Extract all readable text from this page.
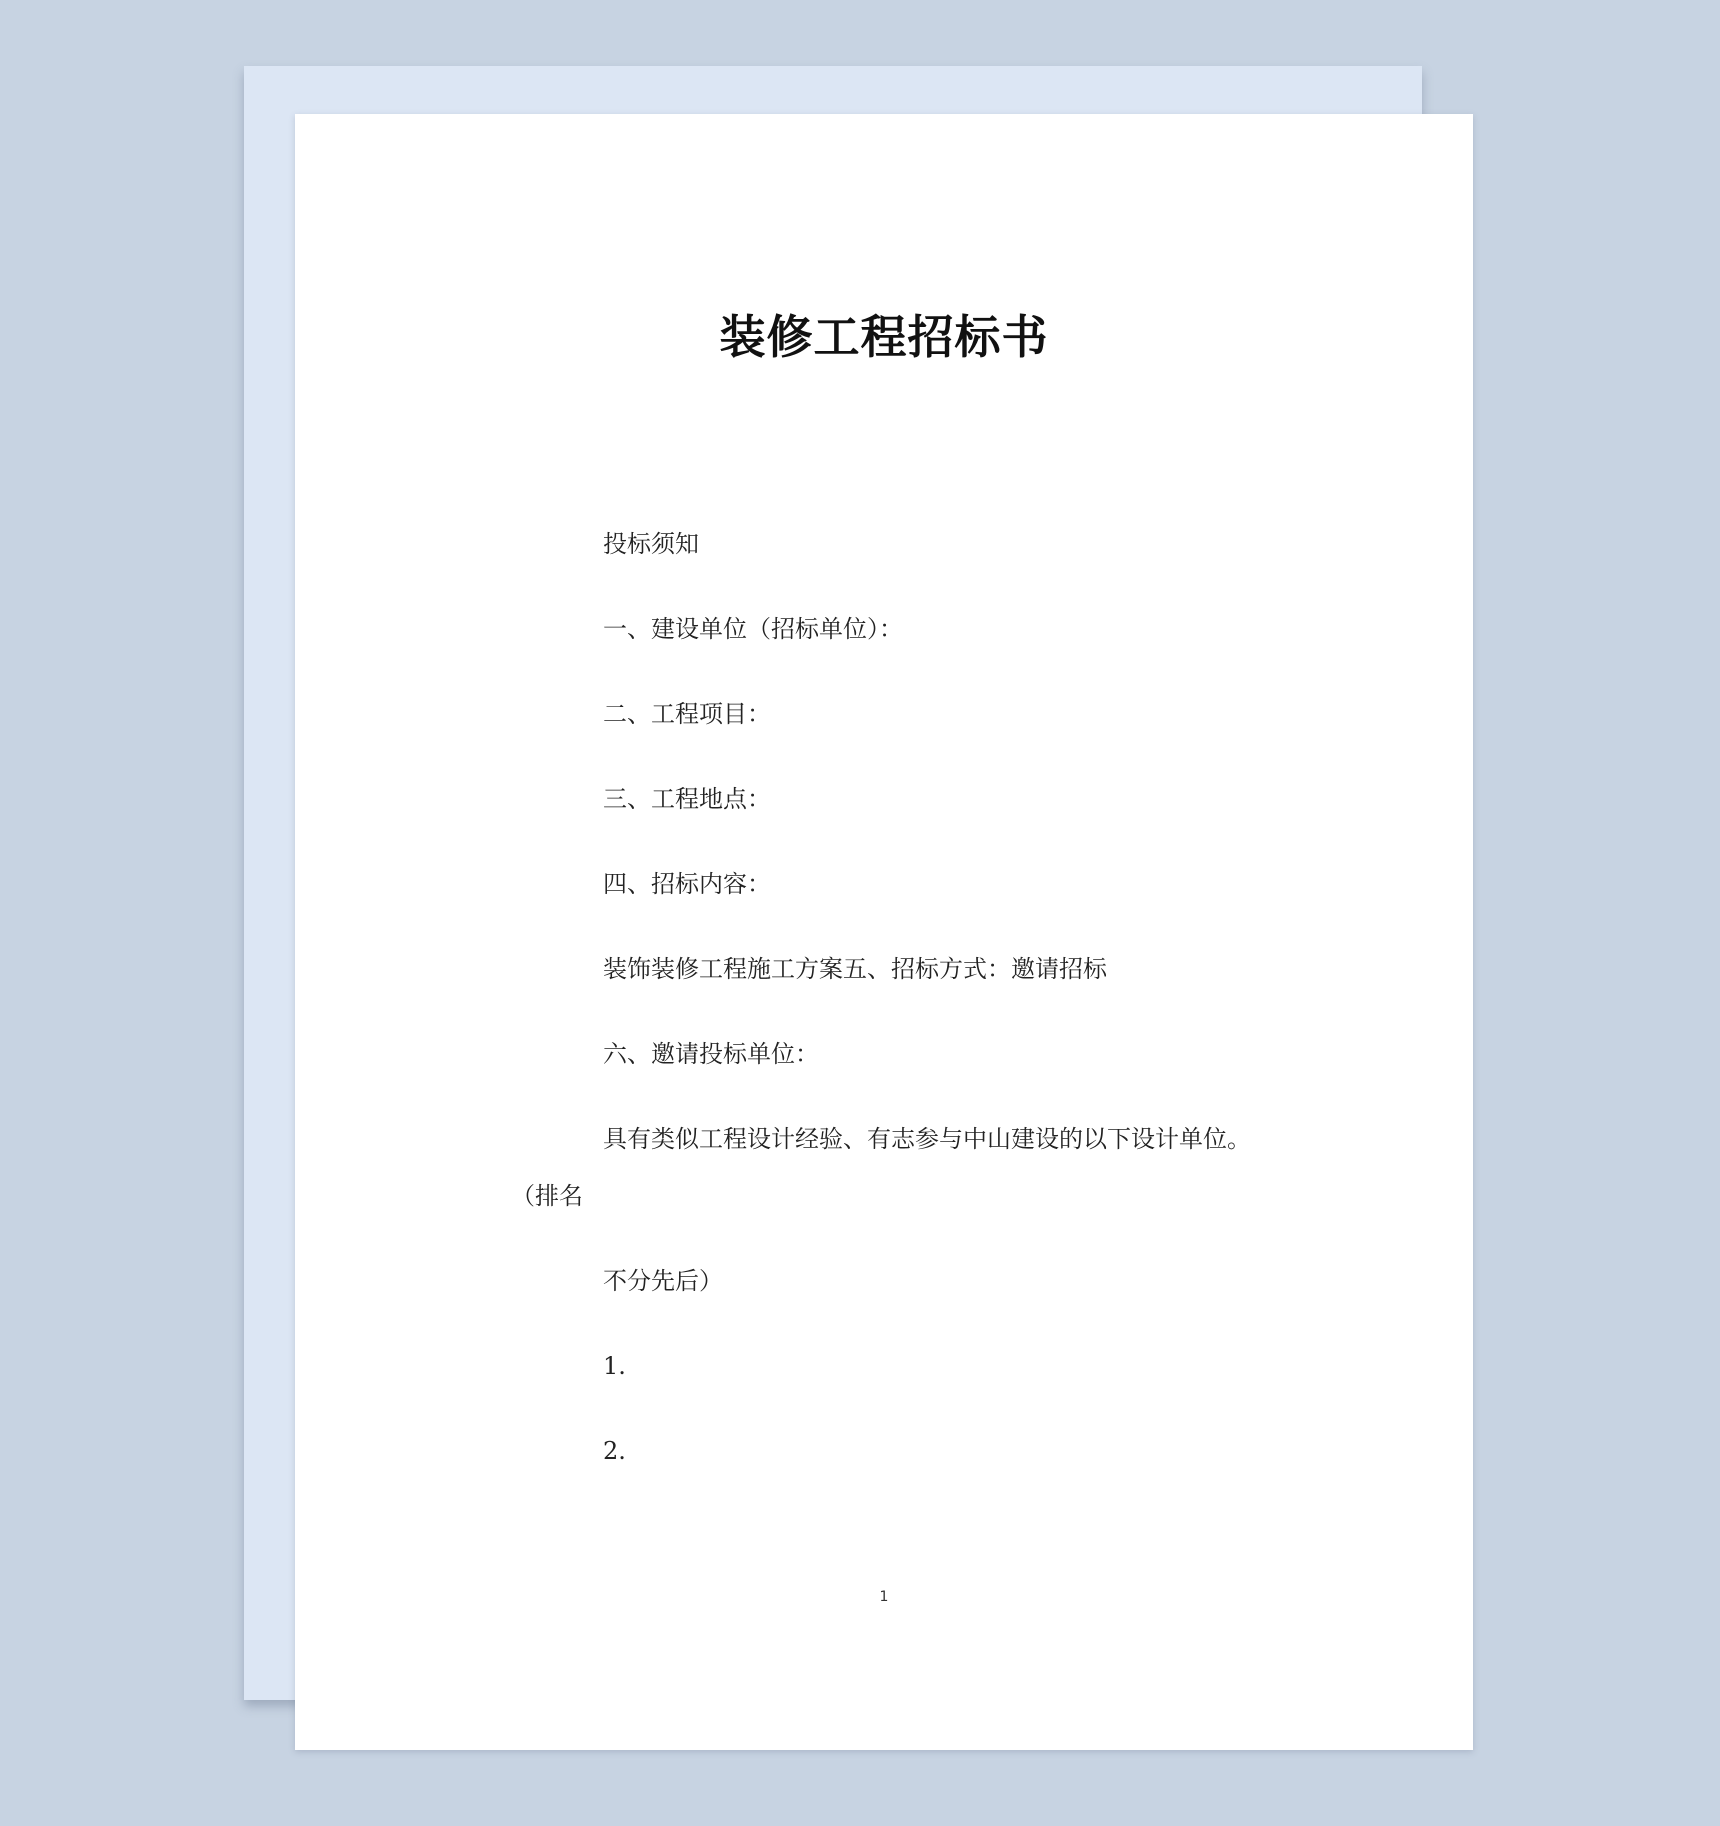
装修工程招标书
投标须知
一、建设单位（招标单位）：
二、工程项目：
三、工程地点：
四、招标内容：
装饰装修工程施工方案五、招标方式：邀请招标
六、邀请投标单位：
具有类似工程设计经验、有志参与中山建设的以下设计单位。
（排名
不分先后）
1.
2.
1
